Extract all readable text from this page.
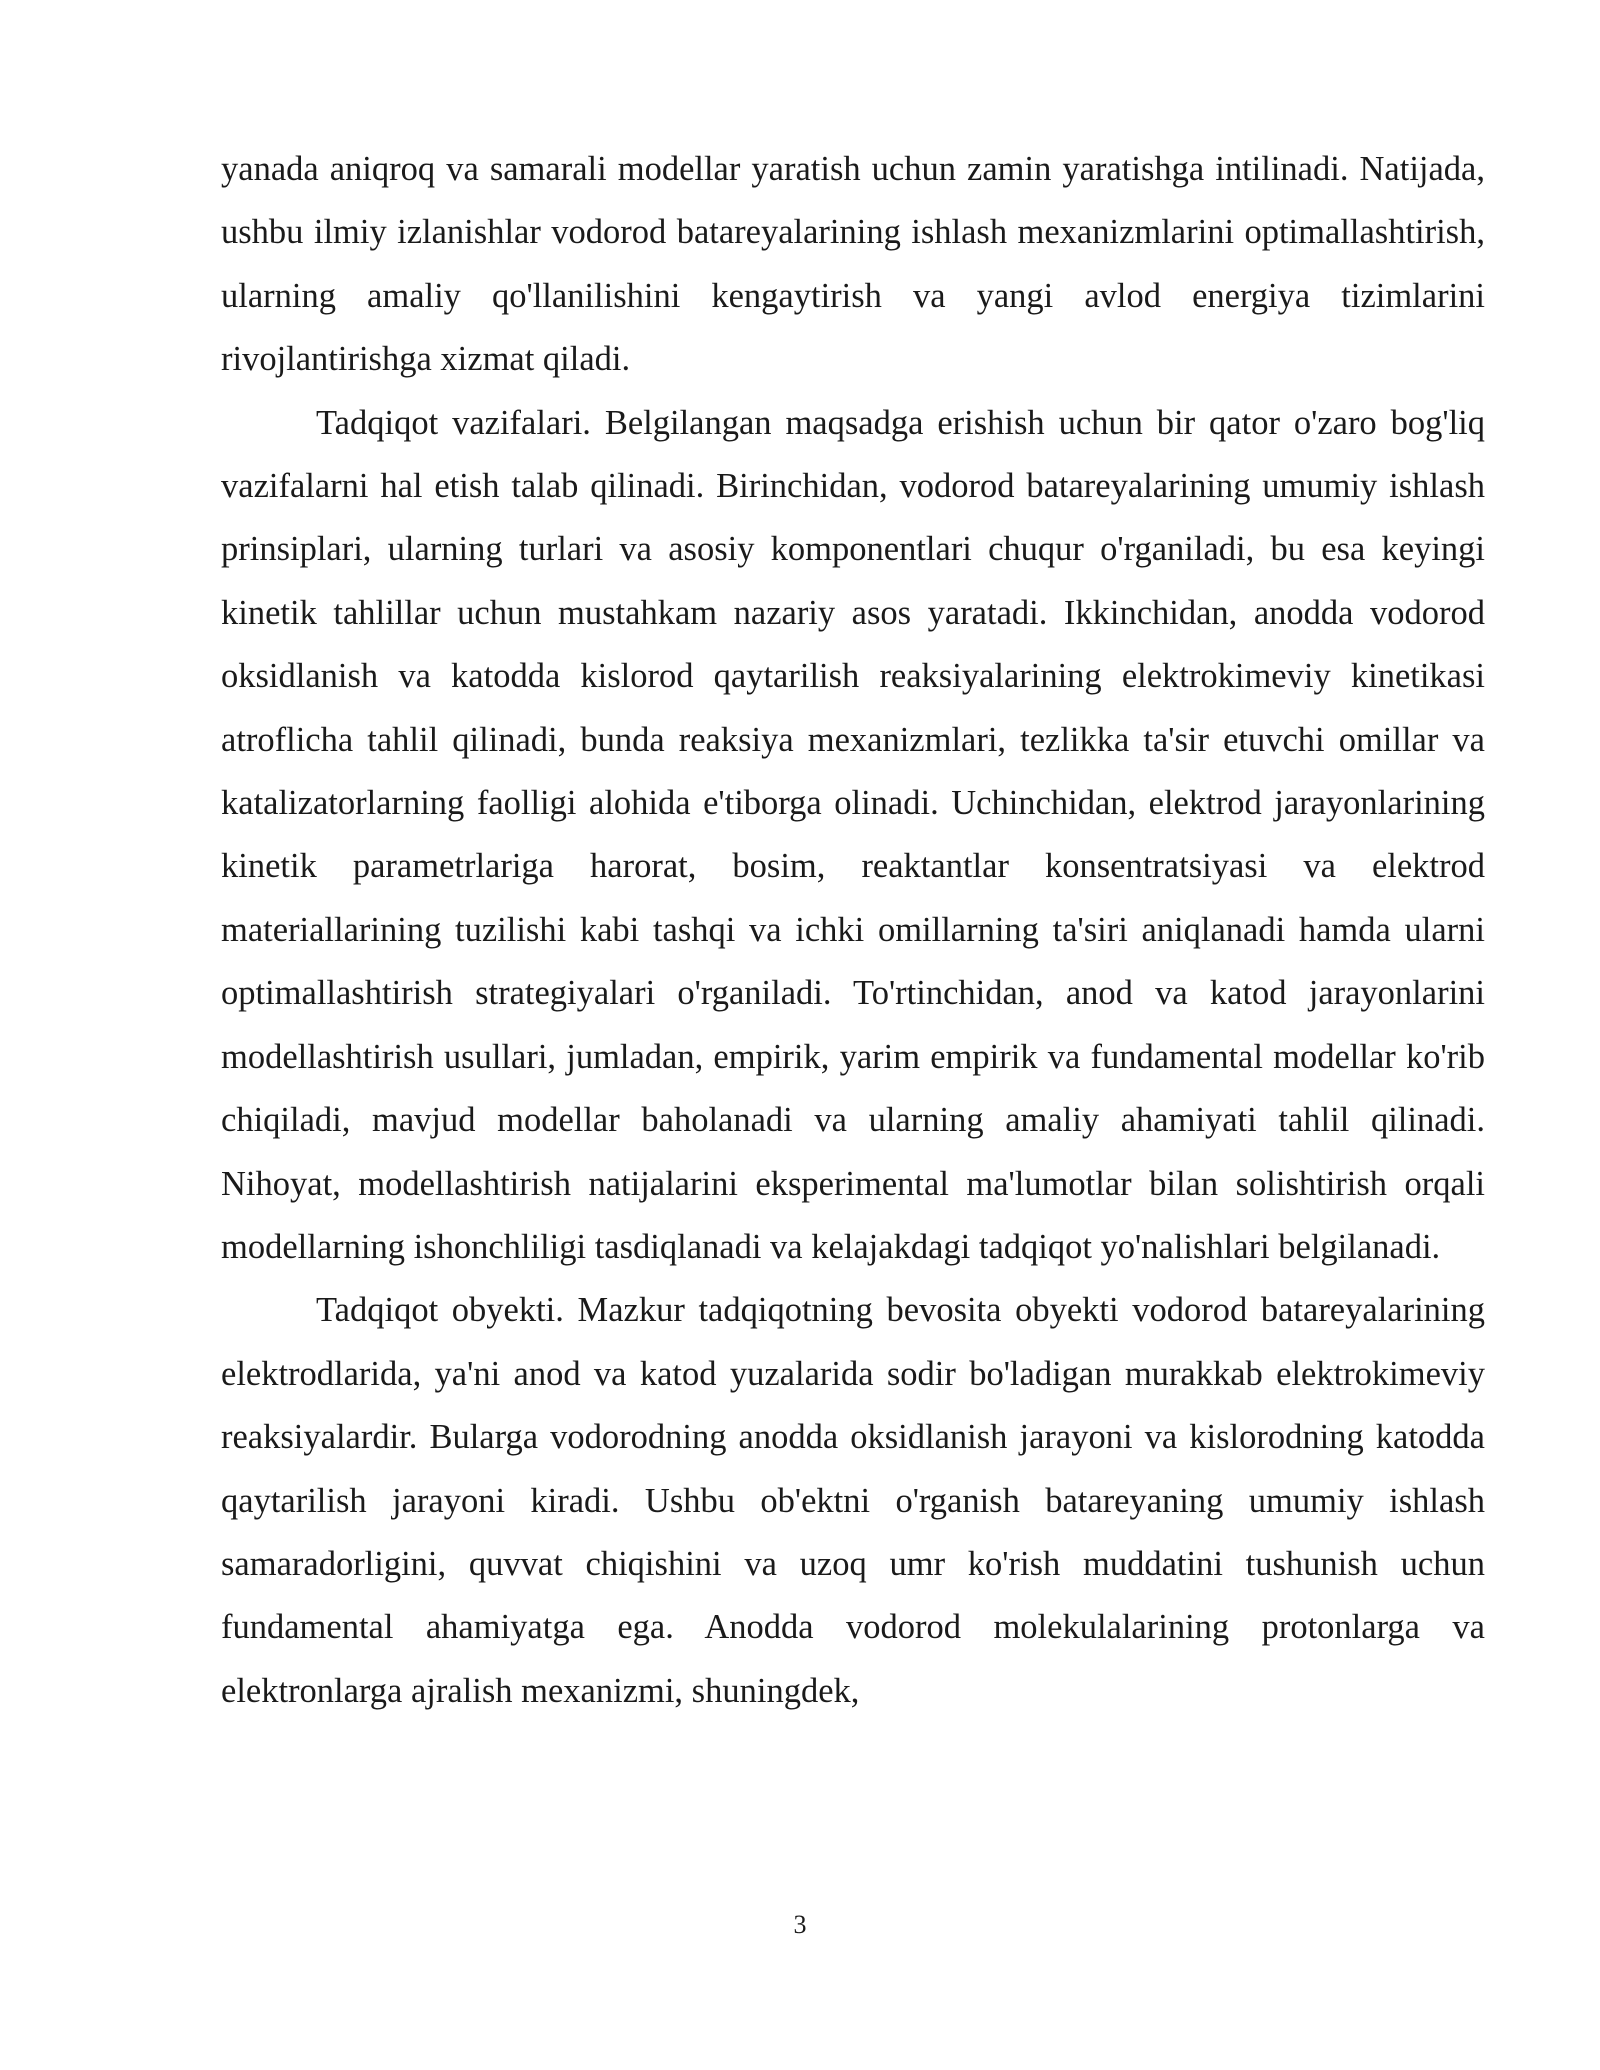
yanada aniqroq va samarali modellar yaratish uchun zamin yaratishga intilinadi. Natijada, ushbu ilmiy izlanishlar vodorod batareyalarining ishlash mexanizmlarini optimallashtirish, ularning amaliy qo'llanilishini kengaytirish va yangi avlod energiya tizimlarini rivojlantirishga xizmat qiladi.

Tadqiqot vazifalari. Belgilangan maqsadga erishish uchun bir qator o'zaro bog'liq vazifalarni hal etish talab qilinadi. Birinchidan, vodorod batareyalarining umumiy ishlash prinsiplari, ularning turlari va asosiy komponentlari chuqur o'rganiladi, bu esa keyingi kinetik tahlillar uchun mustahkam nazariy asos yaratadi. Ikkinchidan, anodda vodorod oksidlanish va katodda kislorod qaytarilish reaksiyalarining elektrokimeviy kinetikasi atroflicha tahlil qilinadi, bunda reaksiya mexanizmlari, tezlikka ta'sir etuvchi omillar va katalizatorlarning faolligi alohida e'tiborga olinadi. Uchinchidan, elektrod jarayonlarining kinetik parametrlariga harorat, bosim, reaktantlar konsentratsiyasi va elektrod materiallarining tuzilishi kabi tashqi va ichki omillarning ta'siri aniqlanadi hamda ularni optimallashtirish strategiyalari o'rganiladi. To'rtinchidan, anod va katod jarayonlarini modellashtirish usullari, jumladan, empirik, yarim empirik va fundamental modellar ko'rib chiqiladi, mavjud modellar baholanadi va ularning amaliy ahamiyati tahlil qilinadi. Nihoyat, modellashtirish natijalarini eksperimental ma'lumotlar bilan solishtirish orqali modellarning ishonchliligi tasdiqlanadi va kelajakdagi tadqiqot yo'nalishlari belgilanadi.

Tadqiqot obyekti. Mazkur tadqiqotning bevosita obyekti vodorod batareyalarining elektrodlarida, ya'ni anod va katod yuzalarida sodir bo'ladigan murakkab elektrokimeviy reaksiyalardir. Bularga vodorodning anodda oksidlanish jarayoni va kislorodning katodda qaytarilish jarayoni kiradi. Ushbu ob'ektni o'rganish batareyaning umumiy ishlash samaradorligini, quvvat chiqishini va uzoq umr ko'rish muddatini tushunish uchun fundamental ahamiyatga ega. Anodda vodorod molekulalarining protonlarga va elektronlarga ajralish mexanizmi, shuningdek,

3
